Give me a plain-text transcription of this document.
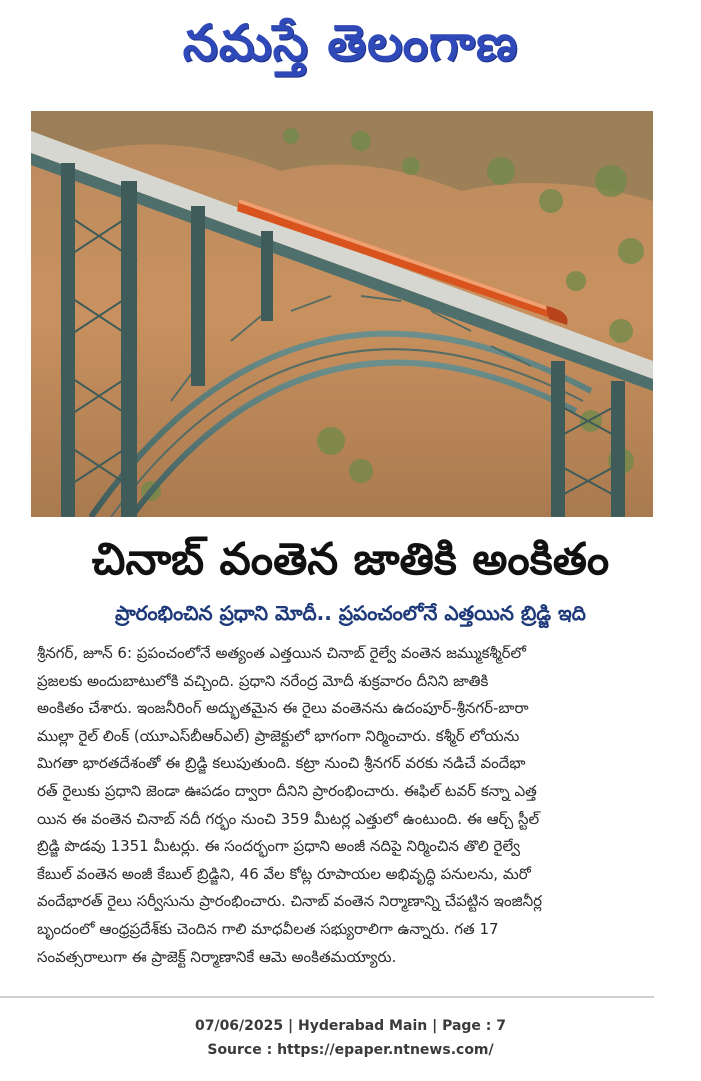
నమస్తే తెలంగాణ
చినాబ్ వంతెన జాతికి అంకితం
ప్రారంభించిన ప్రధాని మోదీ.. ప్రపంచంలోనే ఎత్తయిన బ్రిడ్జి ఇది
శ్రీనగర్, జూన్ 6: ప్రపంచంలోనే అత్యంత ఎత్తయిన చినాబ్ రైల్వే వంతెన జమ్ముకశ్మీర్‌లో
ప్రజలకు అందుబాటులోకి వచ్చింది. ప్రధాని నరేంద్ర మోదీ శుక్రవారం దీనిని జాతికి
అంకితం చేశారు. ఇంజనీరింగ్ అద్భుతమైన ఈ రైలు వంతెనను ఉదంపూర్-శ్రీనగర్-బారా
ముల్లా రైల్ లింక్ (యూఎస్‌బీఆర్‌ఎల్) ప్రాజెక్టులో భాగంగా నిర్మించారు. కశ్మీర్ లోయను
మిగతా భారతదేశంతో ఈ బ్రిడ్జి కలుపుతుంది. కట్రా నుంచి శ్రీనగర్ వరకు నడిచే వందేభా
రత్ రైలుకు ప్రధాని జెండా ఊపడం ద్వారా దీనిని ప్రారంభించారు. ఈఫిల్ టవర్ కన్నా ఎత్త
యిన ఈ వంతెన చినాబ్ నదీ గర్భం నుంచి 359 మీటర్ల ఎత్తులో ఉంటుంది. ఈ ఆర్చ్ స్టీల్
బ్రిడ్జి పొడవు 1351 మీటర్లు. ఈ సందర్భంగా ప్రధాని అంజీ నదిపై నిర్మించిన తొలి రైల్వే
కేబుల్ వంతెన అంజీ కేబుల్ బ్రిడ్జిని, 46 వేల కోట్ల రూపాయల అభివృద్ధి పనులను, మరో
వందేభారత్ రైలు సర్వీసును ప్రారంభించారు. చినాబ్ వంతెన నిర్మాణాన్ని చేపట్టిన ఇంజినీర్ల
బృందంలో ఆంధ్రప్రదేశ్‌కు చెందిన గాలి మాధవీలత సభ్యురాలిగా ఉన్నారు. గత 17
సంవత్సరాలుగా ఈ ప్రాజెక్ట్ నిర్మాణానికే ఆమె అంకితమయ్యారు.
07/06/2025 | Hyderabad Main | Page : 7
Source : https://epaper.ntnews.com/
